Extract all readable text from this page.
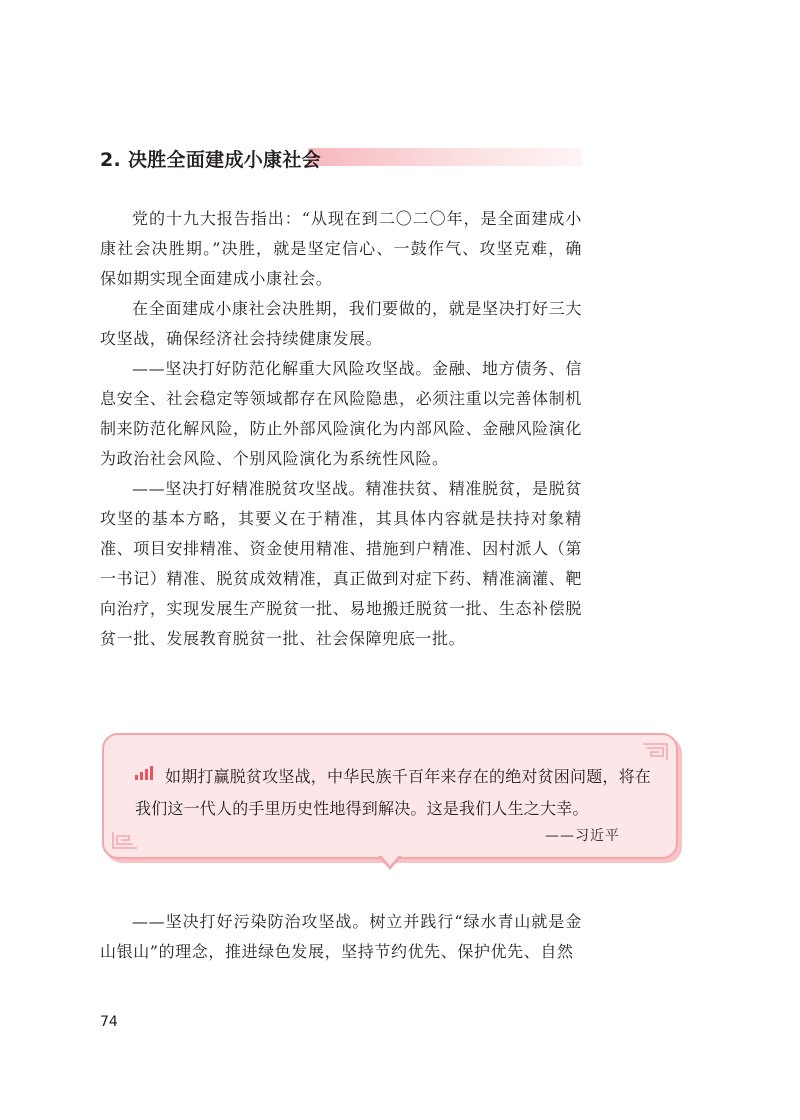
2. 决胜全面建成小康社会

党的十九大报告指出：“从现在到二〇二〇年，是全面建成小康社会决胜期。”决胜，就是坚定信心、一鼓作气、攻坚克难，确保如期实现全面建成小康社会。

在全面建成小康社会决胜期，我们要做的，就是坚决打好三大攻坚战，确保经济社会持续健康发展。

——坚决打好防范化解重大风险攻坚战。金融、地方债务、信息安全、社会稳定等领域都存在风险隐患，必须注重以完善体制机制来防范化解风险，防止外部风险演化为内部风险、金融风险演化为政治社会风险、个别风险演化为系统性风险。

——坚决打好精准脱贫攻坚战。精准扶贫、精准脱贫，是脱贫攻坚的基本方略，其要义在于精准，其具体内容就是扶持对象精准、项目安排精准、资金使用精准、措施到户精准、因村派人（第一书记）精准、脱贫成效精准，真正做到对症下药、精准滴灌、靶向治疗，实现发展生产脱贫一批、易地搬迁脱贫一批、生态补偿脱贫一批、发展教育脱贫一批、社会保障兜底一批。

如期打赢脱贫攻坚战，中华民族千百年来存在的绝对贫困问题，将在我们这一代人的手里历史性地得到解决。这是我们人生之大幸。
——习近平

——坚决打好污染防治攻坚战。树立并践行“绿水青山就是金山银山”的理念，推进绿色发展，坚持节约优先、保护优先、自然

74
